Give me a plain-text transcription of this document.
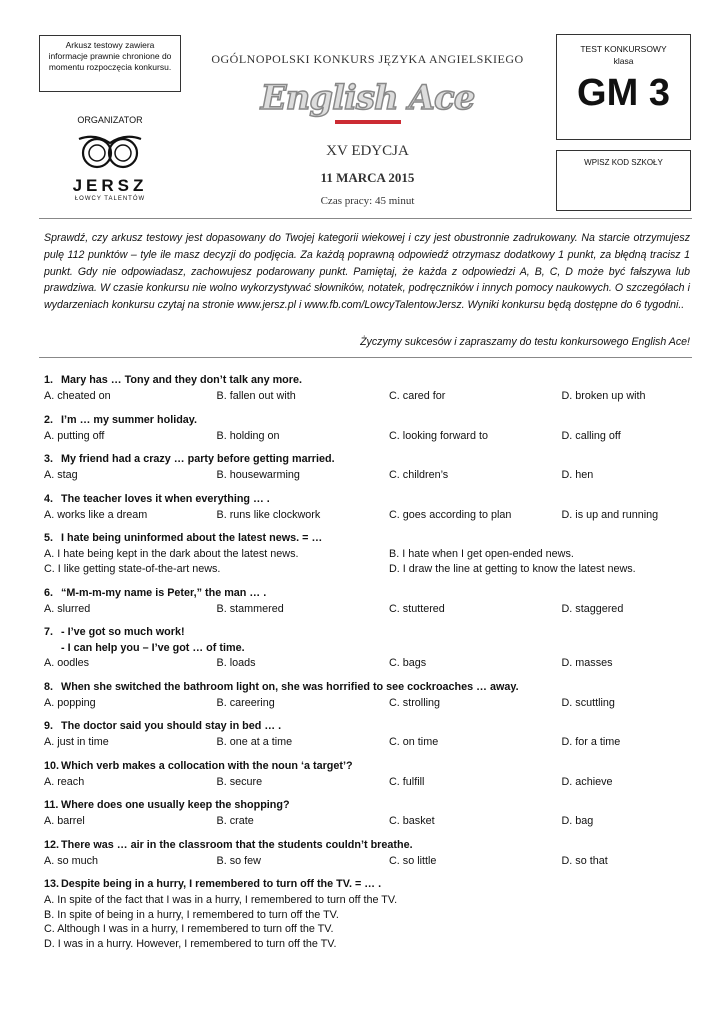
Arkusz testowy zawiera informacje prawnie chronione do momentu rozpoczęcia konkursu.
ORGANIZATOR
JERSZ
ŁOWCY TALENTÓW
OGÓLNOPOLSKI KONKURS JĘZYKA ANGIELSKIEGO
English Ace
XV EDYCJA
11 MARCA 2015
Czas pracy: 45 minut
TEST KONKURSOWY
klasa
GM 3
WPISZ KOD SZKOŁY
Sprawdź, czy arkusz testowy jest dopasowany do Twojej kategorii wiekowej i czy jest obustronnie zadrukowany. Na starcie otrzymujesz pulę 112 punktów – tyle ile masz decyzji do podjęcia. Za każdą poprawną odpowiedź otrzymasz dodatkowy 1 punkt, za błędną tracisz 1 punkt. Gdy nie odpowiadasz, zachowujesz podarowany punkt. Pamiętaj, że każda z odpowiedzi A, B, C, D może być fałszywa lub prawdziwa. W czasie konkursu nie wolno wykorzystywać słowników, notatek, podręczników i innych pomocy naukowych. O szczegółach i wydarzeniach konkursu czytaj na stronie www.jersz.pl i www.fb.com/LowcyTalentowJersz. Wyniki konkursu będą dostępne do 6 tygodni..
Życzymy sukcesów i zapraszamy do testu konkursowego English Ace!
1. Mary has … Tony and they don’t talk any more.
A. cheated on	B. fallen out with	C. cared for	D. broken up with
2. I’m … my summer holiday.
A. putting off	B. holding on	C. looking forward to	D. calling off
3. My friend had a crazy … party before getting married.
A. stag	B. housewarming	C. children’s	D. hen
4. The teacher loves it when everything … .
A. works like a dream	B. runs like clockwork	C. goes according to plan	D. is up and running
5. I hate being uninformed about the latest news. = …
A. I hate being kept in the dark about the latest news.	B. I hate when I get open-ended news.
C. I like getting state-of-the-art news.	D. I draw the line at getting to know the latest news.
6. “M-m-m-my name is Peter,” the man … .
A. slurred	B. stammered	C. stuttered	D. staggered
7. - I’ve got so much work!
- I can help you – I’ve got … of time.
A. oodles	B. loads	C. bags	D. masses
8. When she switched the bathroom light on, she was horrified to see cockroaches … away.
A. popping	B. careering	C. strolling	D. scuttling
9. The doctor said you should stay in bed … .
A. just in time	B. one at a time	C. on time	D. for a time
10. Which verb makes a collocation with the noun ‘a target’?
A. reach	B. secure	C. fulfill	D. achieve
11. Where does one usually keep the shopping?
A. barrel	B. crate	C. basket	D. bag
12. There was … air in the classroom that the students couldn’t breathe.
A. so much	B. so few	C. so little	D. so that
13. Despite being in a hurry, I remembered to turn off the TV. = … .
A. In spite of the fact that I was in a hurry, I remembered to turn off the TV.
B. In spite of being in a hurry, I remembered to turn off the TV.
C. Although I was in a hurry, I remembered to turn off the TV.
D. I was in a hurry. However, I remembered to turn off the TV.
